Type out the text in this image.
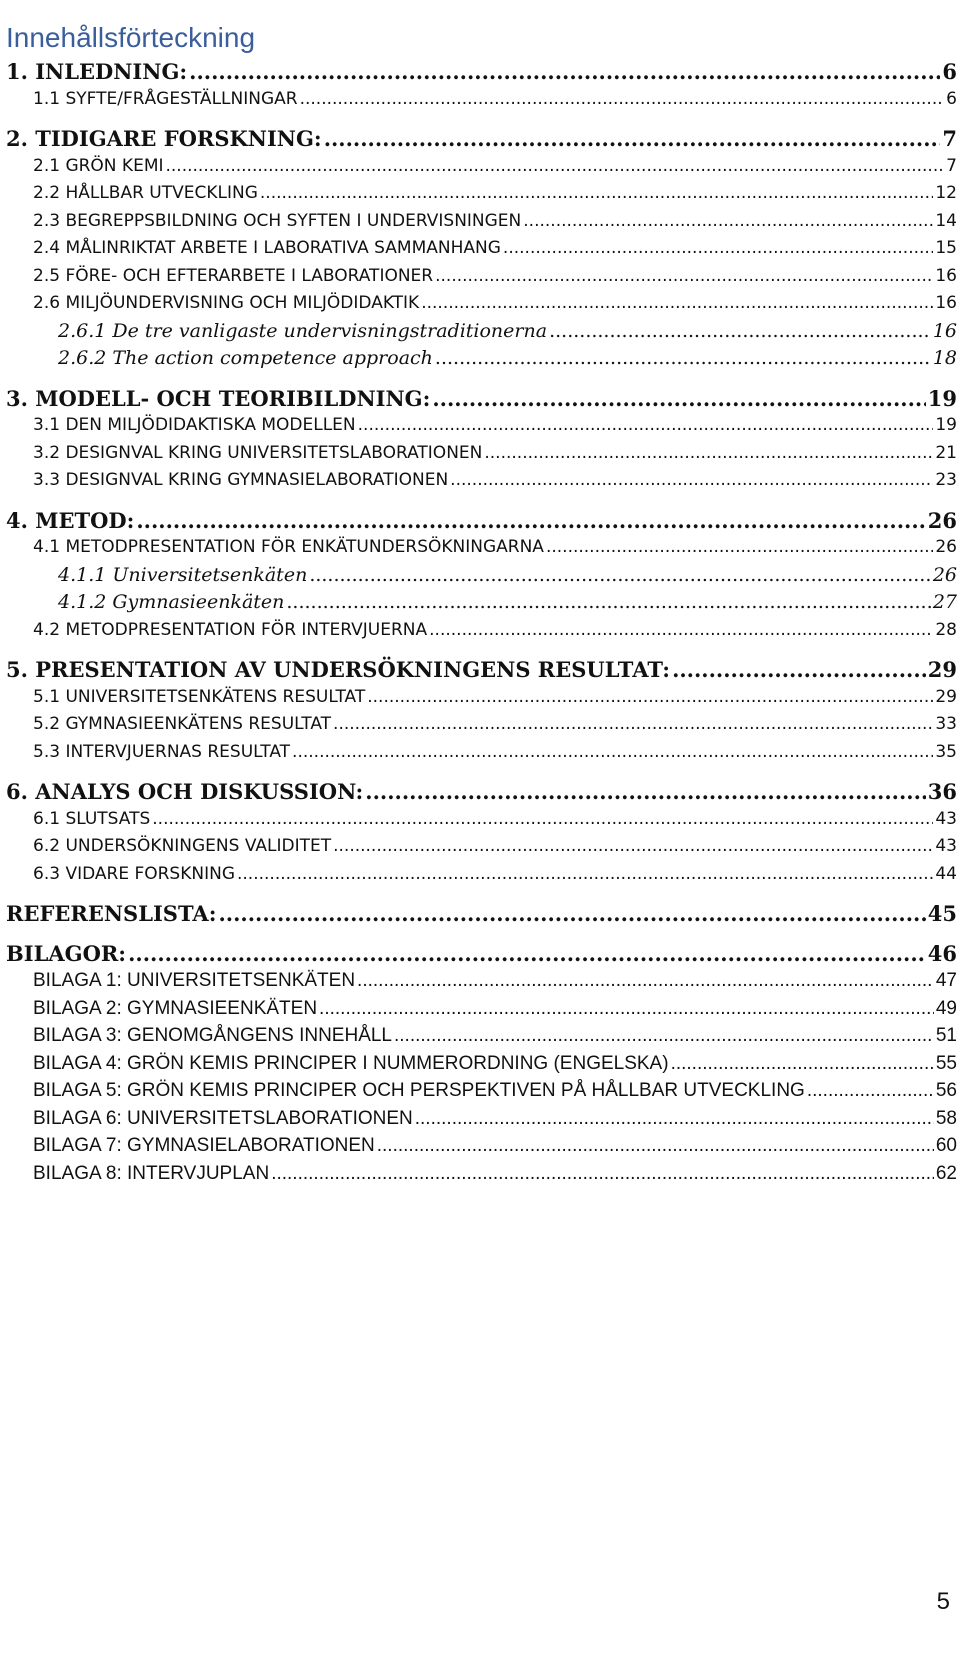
Innehållsförteckning
1. INLEDNING: .....	6
1.1 SYFTE/FRÅGESTÄLLNINGAR .....	6
2. TIDIGARE FORSKNING: .....	7
2.1 GRÖN KEMI .....	7
2.2 HÅLLBAR UTVECKLING .....	12
2.3 BEGREPPSBILDNING OCH SYFTEN I UNDERVISNINGEN .....	14
2.4 MÅLINRIKTAT ARBETE I LABORATIVA SAMMANHANG .....	15
2.5 FÖRE- OCH EFTERARBETE I LABORATIONER .....	16
2.6 MILJÖUNDERVISNING OCH MILJÖDIDAKTIK .....	16
2.6.1 De tre vanligaste undervisningstraditionerna .....	16
2.6.2 The action competence approach .....	18
3. MODELL- OCH TEORIBILDNING: .....	19
3.1 DEN MILJÖDIDAKTISKA MODELLEN .....	19
3.2 DESIGNVAL KRING UNIVERSITETSLABORATIONEN .....	21
3.3 DESIGNVAL KRING GYMNASIELABORATIONEN .....	23
4. METOD: .....	26
4.1 METODPRESENTATION FÖR ENKÄTUNDERSÖKNINGARNA .....	26
4.1.1 Universitetsenkäten .....	26
4.1.2 Gymnasieenkäten .....	27
4.2 METODPRESENTATION FÖR INTERVJUERNA .....	28
5. PRESENTATION AV UNDERSÖKNINGENS RESULTAT: .....	29
5.1 UNIVERSITETSENKÄTENS RESULTAT .....	29
5.2 GYMNASIEENKÄTENS RESULTAT .....	33
5.3 INTERVJUERNAS RESULTAT .....	35
6. ANALYS OCH DISKUSSION: .....	36
6.1 SLUTSATS .....	43
6.2 UNDERSÖKNINGENS VALIDITET .....	43
6.3 VIDARE FORSKNING .....	44
REFERENSLISTA: .....	45
BILAGOR: .....	46
BILAGA 1: UNIVERSITETSENKÄTEN .....	47
BILAGA 2: GYMNASIEENKÄTEN .....	49
BILAGA 3: GENOMGÅNGENS INNEHÅLL .....	51
BILAGA 4: GRÖN KEMIS PRINCIPER I NUMMERORDNING (ENGELSKA) .....	55
BILAGA 5: GRÖN KEMIS PRINCIPER OCH PERSPEKTIVEN PÅ HÅLLBAR UTVECKLING .....	56
BILAGA 6: UNIVERSITETSLABORATIONEN .....	58
BILAGA 7: GYMNASIELABORATIONEN .....	60
BILAGA 8: INTERVJUPLAN .....	62
5
